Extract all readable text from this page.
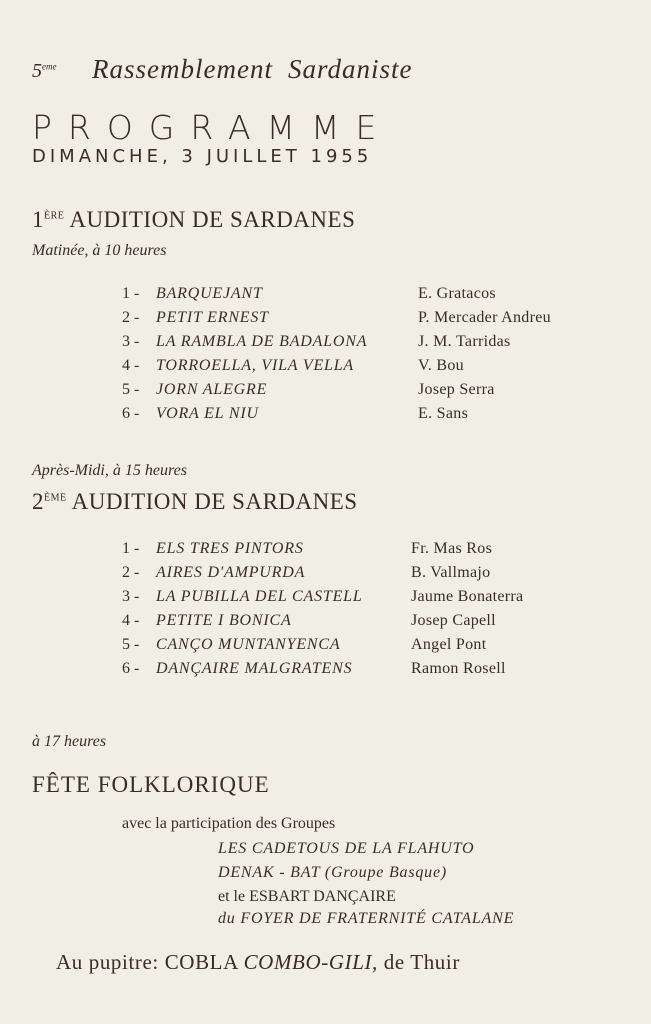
5eme Rassemblement Sardaniste
PROGRAMME
DIMANCHE, 3 JUILLET 1955
1ÈRE AUDITION DE SARDANES
Matinée, à 10 heures
1 - BARQUEJANT	E. Gratacos
2 - PETIT ERNEST	P. Mercader Andreu
3 - LA RAMBLA DE BADALONA	J. M. Tarridas
4 - TORROELLA, VILA VELLA	V. Bou
5 - JORN ALEGRE	Josep Serra
6 - VORA EL NIU	E. Sans
Après-Midi, à 15 heures
2ÈME AUDITION DE SARDANES
1 - ELS TRES PINTORS	Fr. Mas Ros
2 - AIRES D'AMPURDA	B. Vallmajo
3 - LA PUBILLA DEL CASTELL	Jaume Bonaterra
4 - PETITE I BONICA	Josep Capell
5 - CANÇO MUNTANYENCA	Angel Pont
6 - DANÇAIRE MALGRATENS	Ramon Rosell
à 17 heures
FÊTE FOLKLORIQUE
avec la participation des Groupes
LES CADETOUS DE LA FLAHUTO
DENAK - BAT (Groupe Basque)
et le ESBART DANÇAIRE
du FOYER DE FRATERNITÉ CATALANE
Au pupitre: COBLA COMBO-GILI, de Thuir
